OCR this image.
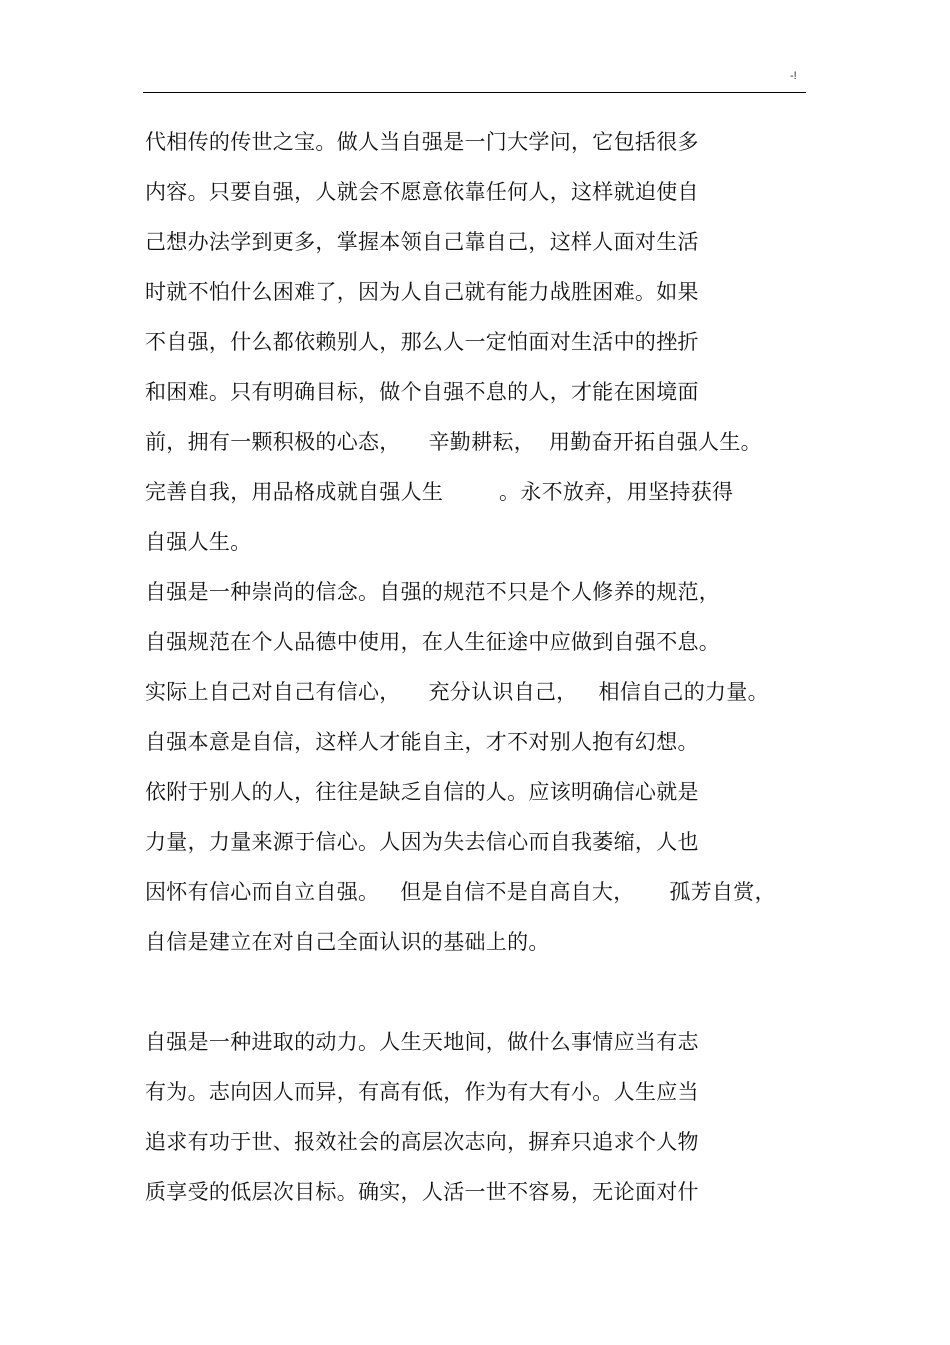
-!
代相传的传世之宝。做人当自强是一门大学问，它包括很多
内容。只要自强，人就会不愿意依靠任何人，这样就迫使自
己想办法学到更多，掌握本领自己靠自己，这样人面对生活
时就不怕什么困难了，因为人自己就有能力战胜困难。如果
不自强，什么都依赖别人，那么人一定怕面对生活中的挫折
和困难。只有明确目标，做个自强不息的人，才能在困境面
前，拥有一颗积极的心态，    辛勤耕耘，  用勤奋开拓自强人生。
完善自我，用品格成就自强人生        。永不放弃，用坚持获得
自强人生。
自强是一种崇尚的信念。自强的规范不只是个人修养的规范，
自强规范在个人品德中使用，在人生征途中应做到自强不息。
实际上自己对自己有信心，    充分认识自己，   相信自己的力量。
自强本意是自信，这样人才能自主，才不对别人抱有幻想。
依附于别人的人，往往是缺乏自信的人。应该明确信心就是
力量，力量来源于信心。人因为失去信心而自我萎缩，人也
因怀有信心而自立自强。   但是自信不是自高自大，     孤芳自赏，
自信是建立在对自己全面认识的基础上的。
自强是一种进取的动力。人生天地间，做什么事情应当有志
有为。志向因人而异，有高有低，作为有大有小。人生应当
追求有功于世、报效社会的高层次志向，摒弃只追求个人物
质享受的低层次目标。确实，人活一世不容易，无论面对什
